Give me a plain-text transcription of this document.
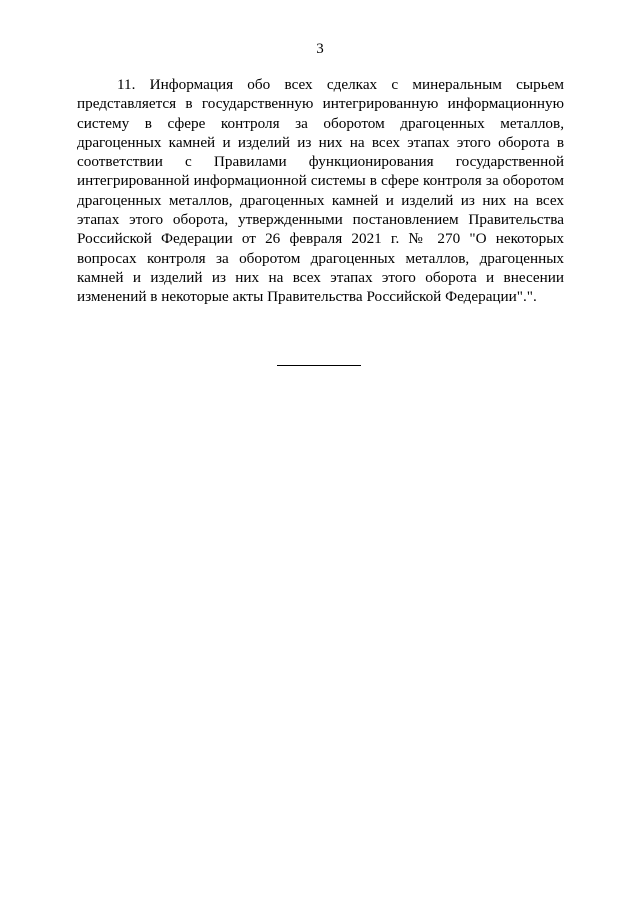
3

11. Информация обо всех сделках с минеральным сырьем представляется в государственную интегрированную информационную систему в сфере контроля за оборотом драгоценных металлов, драгоценных камней и изделий из них на всех этапах этого оборота в соответствии с Правилами функционирования государственной интегрированной информационной системы в сфере контроля за оборотом драгоценных металлов, драгоценных камней и изделий из них на всех этапах этого оборота, утвержденными постановлением Правительства Российской Федерации от 26 февраля 2021 г. № 270 "О некоторых вопросах контроля за оборотом драгоценных металлов, драгоценных камней и изделий из них на всех этапах этого оборота и внесении изменений в некоторые акты Правительства Российской Федерации".".
